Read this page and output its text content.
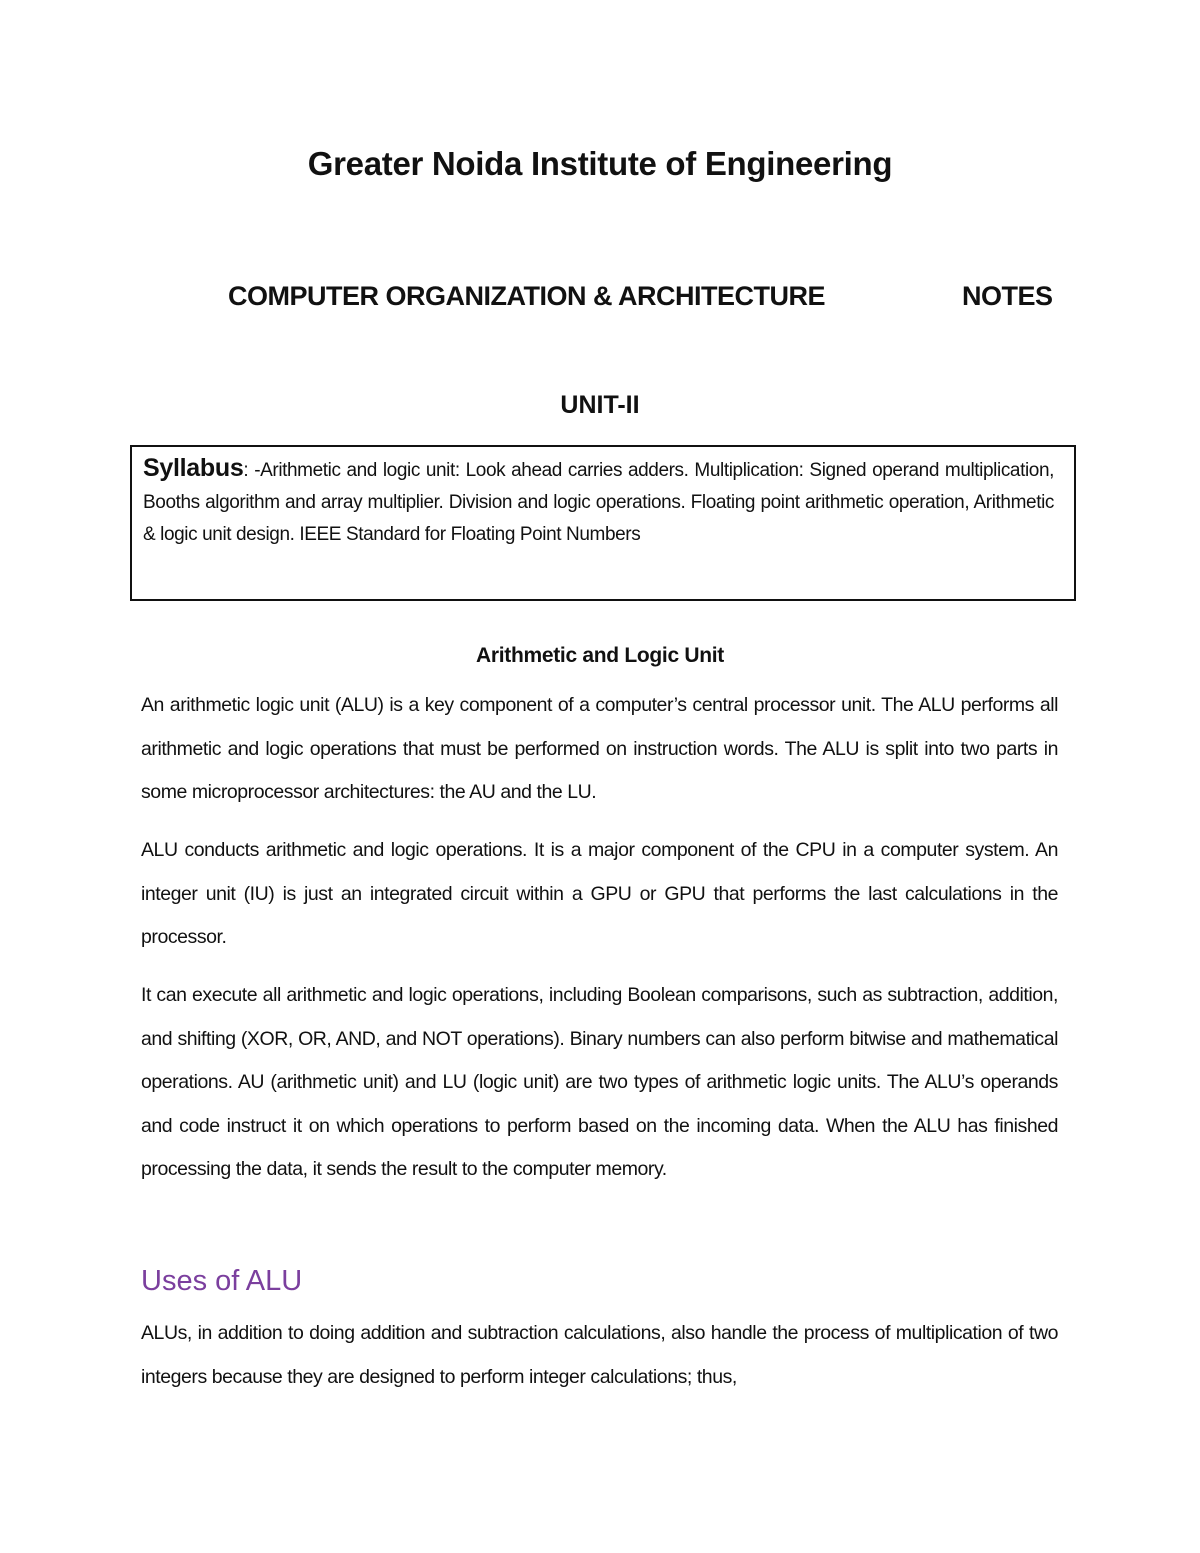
Greater Noida Institute of Engineering
COMPUTER ORGANIZATION & ARCHITECTURE	NOTES
UNIT-II
Syllabus: -Arithmetic and logic unit: Look ahead carries adders. Multiplication: Signed operand multiplication, Booths algorithm and array multiplier. Division and logic operations. Floating point arithmetic operation, Arithmetic & logic unit design. IEEE Standard for Floating Point Numbers
Arithmetic and Logic Unit

An arithmetic logic unit (ALU) is a key component of a computer’s central processor unit. The ALU performs all arithmetic and logic operations that must be performed on instruction words. The ALU is split into two parts in some microprocessor architectures: the AU and the LU.

ALU conducts arithmetic and logic operations. It is a major component of the CPU in a computer system. An integer unit (IU) is just an integrated circuit within a GPU or GPU that performs the last calculations in the processor.

It can execute all arithmetic and logic operations, including Boolean comparisons, such as subtraction, addition, and shifting (XOR, OR, AND, and NOT operations). Binary numbers can also perform bitwise and mathematical operations. AU (arithmetic unit) and LU (logic unit) are two types of arithmetic logic units. The ALU’s operands and code instruct it on which operations to perform based on the incoming data. When the ALU has finished processing the data, it sends the result to the computer memory.

Uses of ALU

ALUs, in addition to doing addition and subtraction calculations, also handle the process of multiplication of two integers because they are designed to perform integer calculations; thus,
